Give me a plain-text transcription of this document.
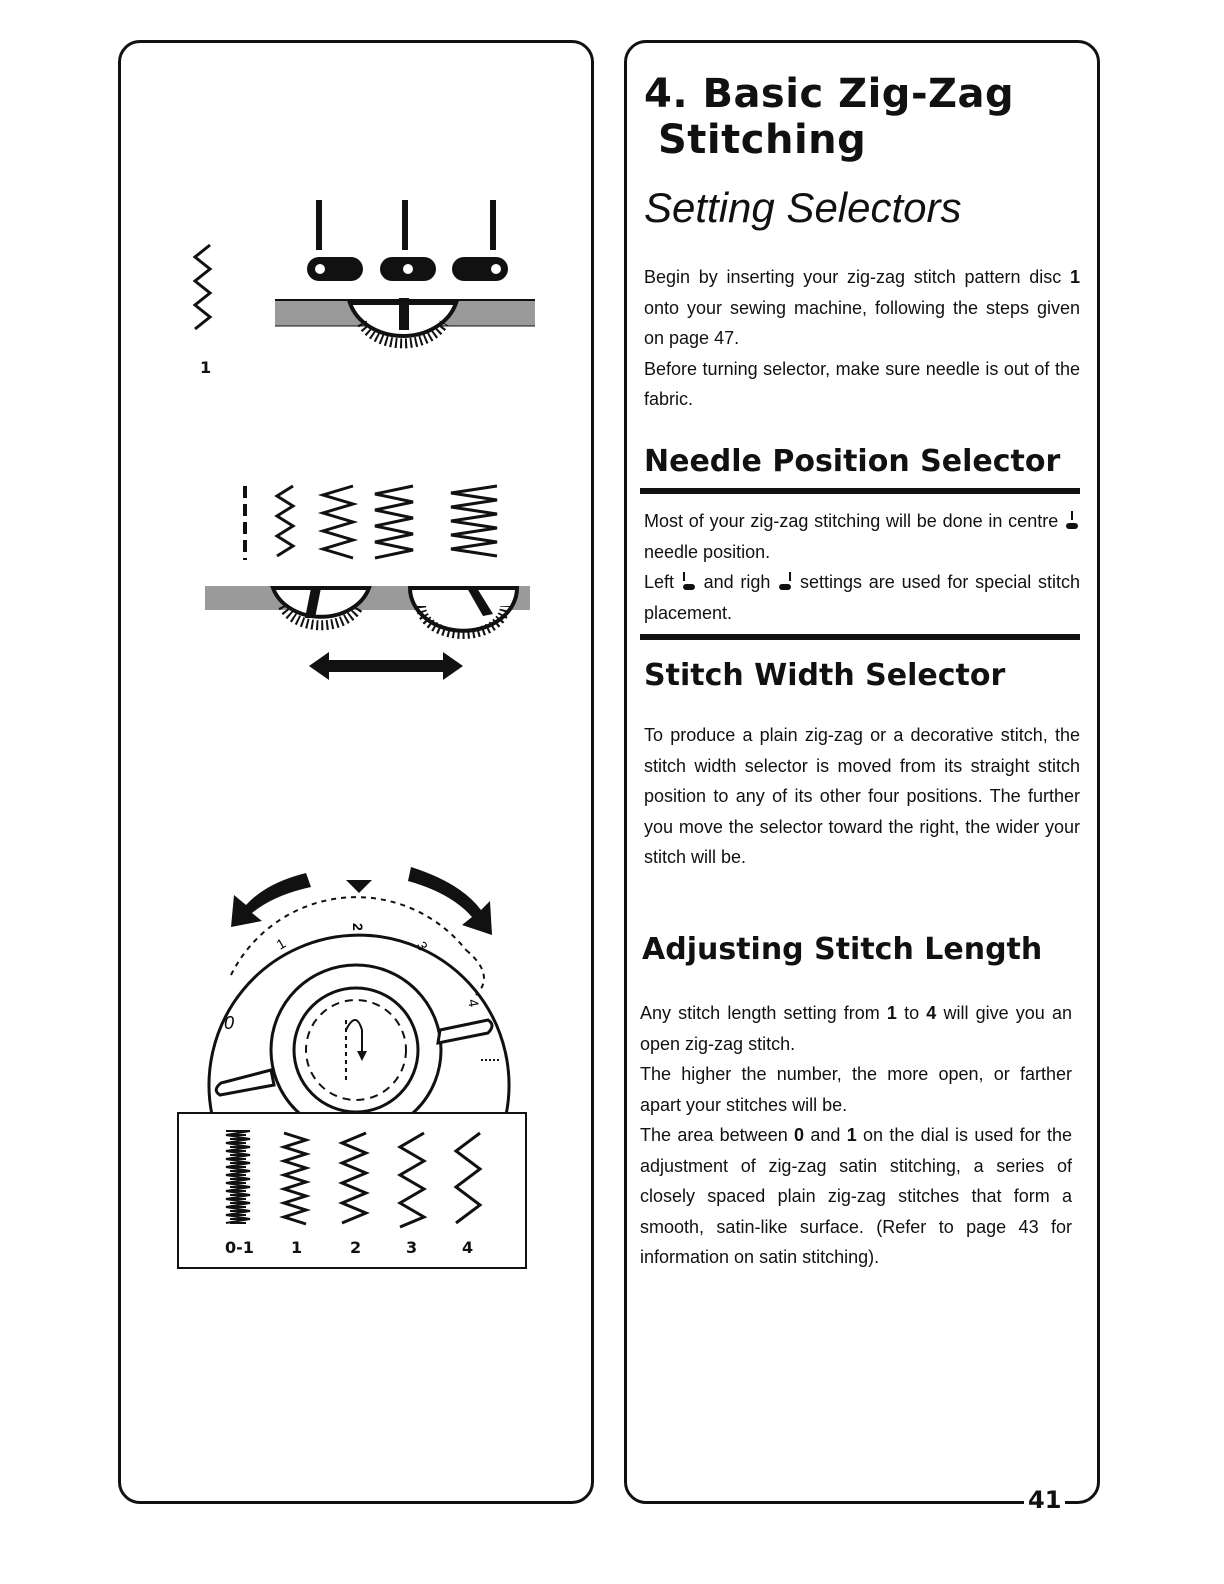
1
0
1
2
3
4
0-1 1	2	3	4
4. Basic Zig-Zag
Stitching
Setting Selectors

Begin by inserting your zig-zag stitch pattern disc 1 onto your sewing machine, following the steps given on page 47.

Before turning selector, make sure needle is out of the fabric.

Needle Position Selector

Most of your zig-zag stitching will be done in centre
needle position.

Left
and righ
settings are used for special stitch placement.

Stitch Width Selector

To produce a plain zig-zag or a decorative stitch, the stitch width selector is moved from its straight stitch position to any of its other four positions. The further you move the selector toward the right, the wider your stitch will be.

Adjusting Stitch Length

Any stitch length setting from 1 to 4 will give you an open zig-zag stitch.

The higher the number, the more open, or farther apart your stitches will be.

The area between 0 and 1 on the dial is used for the adjustment of zig-zag satin stitching, a series of closely spaced plain zig-zag stitches that form a smooth, satin-like surface. (Refer to page 43 for information on satin stitching).

41
